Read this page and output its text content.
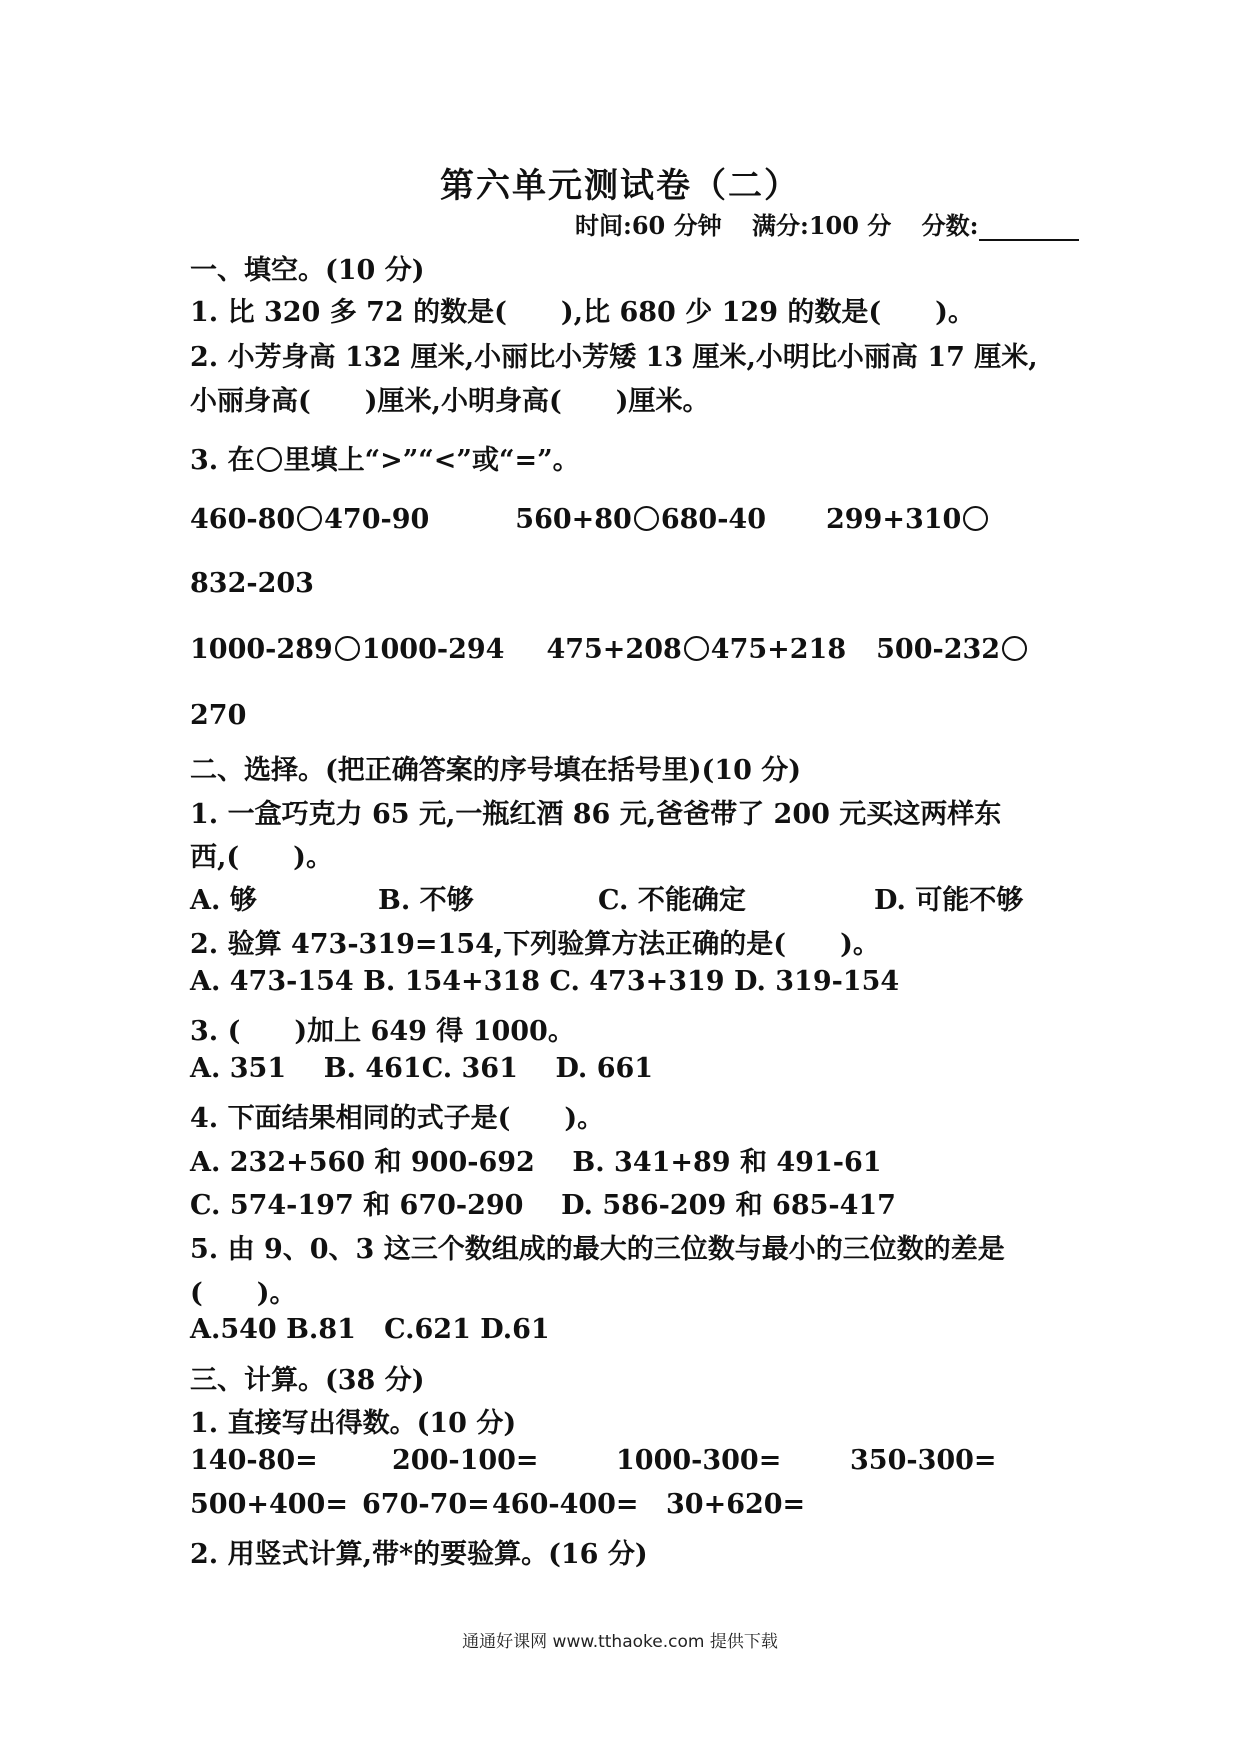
第六单元测试卷（二）
时间:60 分钟 满分:100 分 分数:
一、填空。(10 分)
1. 比 320 多 72 的数是(　　),比 680 少 129 的数是(　　)。
2. 小芳身高 132 厘米,小丽比小芳矮 13 厘米,小明比小丽高 17 厘米,
小丽身高(　　)厘米,小明身高(　　)厘米。
3. 在 里填上“>”“<”或“=”。
460-80 470-90	560+80 680-40 299+310
832-203
1000-289 1000-294 475+208 475+218 500-232
270
二、选择。(把正确答案的序号填在括号里)(10 分)
1. 一盒巧克力 65 元,一瓶红酒 86 元,爸爸带了 200 元买这两样东
西,(　　)。
A. 够	B. 不够	C. 不能确定	D. 可能不够
2. 验算 473-319=154,下列验算方法正确的是(　　)。
A. 473-154 B. 154+318 C. 473+319 D. 319-154
3. (　　)加上 649 得 1000。
A. 351    B. 461C. 361    D. 661
4. 下面结果相同的式子是(　　)。
A. 232+560 和 900-692    B. 341+89 和 491-61
C. 574-197 和 670-290    D. 586-209 和 685-417
5. 由 9、0、3 这三个数组成的最大的三位数与最小的三位数的差是
(　　)。
A.540 B.81   C.621 D.61
三、计算。(38 分)
1. 直接写出得数。(10 分)
140-80=	200-100=	1000-300=	350-300=
500+400= 670-70=460-400= 30+620=
2. 用竖式计算,带*的要验算。(16 分)
通通好课网 www.tthaoke.com 提供下载
